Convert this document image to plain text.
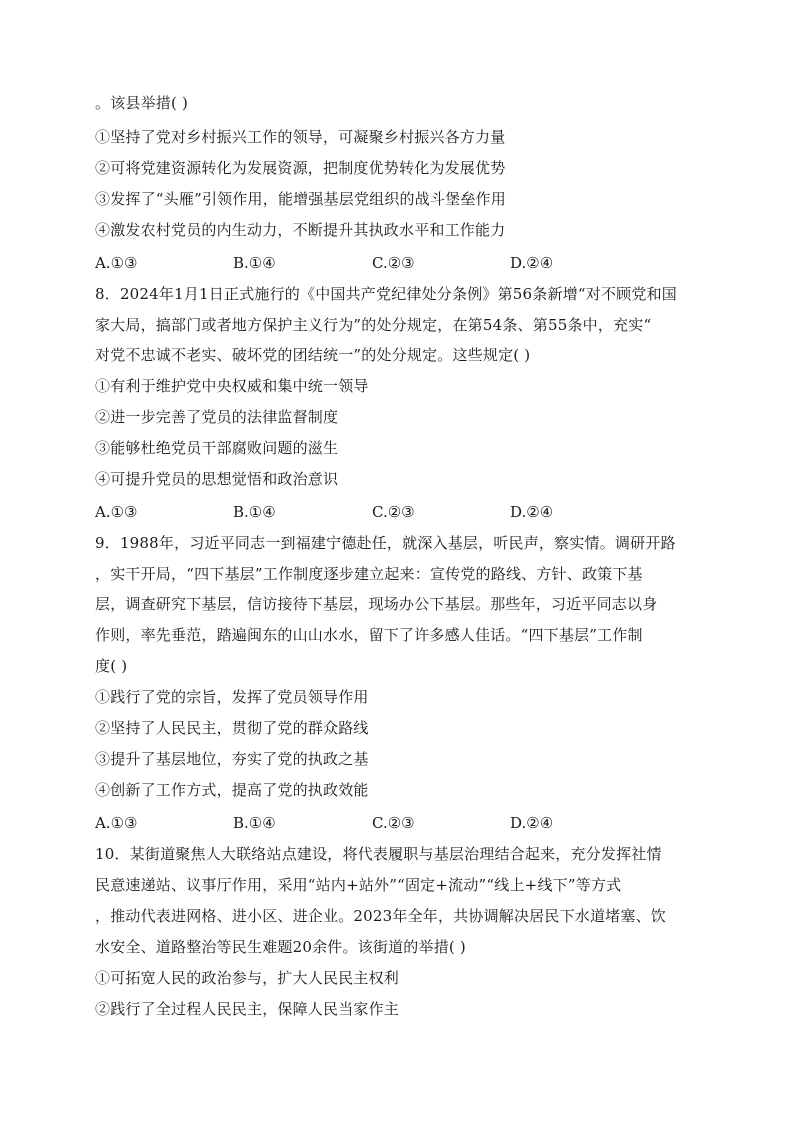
。该县举措( )
①坚持了党对乡村振兴工作的领导，可凝聚乡村振兴各方力量
②可将党建资源转化为发展资源，把制度优势转化为发展优势
③发挥了“头雁”引领作用，能增强基层党组织的战斗堡垒作用
④激发农村党员的内生动力，不断提升其执政水平和工作能力
A.①③	B.①④	C.②③	D.②④
8．2024年1月1日正式施行的《中国共产党纪律处分条例》第56条新增“对不顾党和国
家大局，搞部门或者地方保护主义行为”的处分规定，在第54条、第55条中，充实“
对党不忠诚不老实、破坏党的团结统一”的处分规定。这些规定( )
①有利于维护党中央权威和集中统一领导
②进一步完善了党员的法律监督制度
③能够杜绝党员干部腐败问题的滋生
④可提升党员的思想觉悟和政治意识
A.①③	B.①④	C.②③	D.②④
9．1988年，习近平同志一到福建宁德赴任，就深入基层，听民声，察实情。调研开路
，实干开局，“四下基层”工作制度逐步建立起来：宣传党的路线、方针、政策下基
层，调查研究下基层，信访接待下基层，现场办公下基层。那些年，习近平同志以身
作则，率先垂范，踏遍闽东的山山水水，留下了许多感人佳话。“四下基层”工作制
度( )
①践行了党的宗旨，发挥了党员领导作用
②坚持了人民民主，贯彻了党的群众路线
③提升了基层地位，夯实了党的执政之基
④创新了工作方式，提高了党的执政效能
A.①③	B.①④	C.②③	D.②④
10．某街道聚焦人大联络站点建设，将代表履职与基层治理结合起来，充分发挥社情
民意速递站、议事厅作用，采用“站内+站外”“固定+流动”“线上+线下”等方式
，推动代表进网格、进小区、进企业。2023年全年，共协调解决居民下水道堵塞、饮
水安全、道路整治等民生难题20余件。该街道的举措( )
①可拓宽人民的政治参与，扩大人民民主权利
②践行了全过程人民民主，保障人民当家作主
